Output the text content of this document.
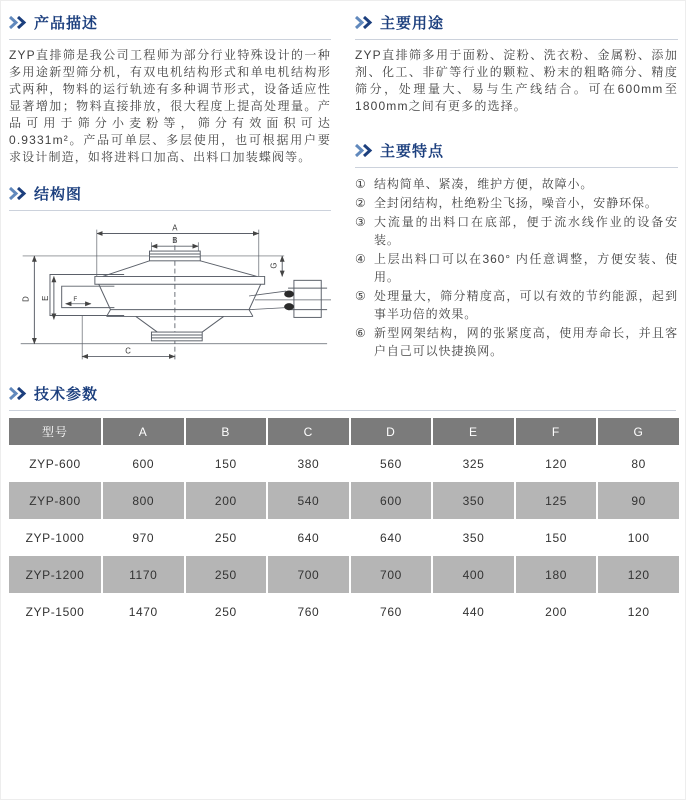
产品描述

ZYP直排筛是我公司工程师为部分行业特殊设计的一种多用途新型筛分机，有双电机结构形式和单电机结构形式两种，物料的运行轨迹有多种调节形式，设备适应性显著增加；物料直接排放，很大程度上提高处理量。产品可用于筛分小麦粉等，筛分有效面积可达0.9331m²。产品可单层、多层使用，也可根据用户要求设计制造，如将进料口加高、出料口加装蝶阀等。

结构图
A
B
F
E
D
G
C
主要用途

ZYP直排筛多用于面粉、淀粉、洗衣粉、金属粉、添加剂、化工、非矿等行业的颗粒、粉末的粗略筛分、精度筛分，处理量大、易与生产线结合。可在600mm至1800mm之间有更多的选择。

主要特点
① 结构简单、紧凑，维护方便，故障小。
② 全封闭结构，杜绝粉尘飞扬，噪音小，安静环保。
③ 大流量的出料口在底部，便于流水线作业的设备安装。
④ 上层出料口可以在360° 内任意调整，方便安装、使用。
⑤ 处理量大，筛分精度高，可以有效的节约能源，起到事半功倍的效果。
⑥ 新型网架结构，网的张紧度高，使用寿命长，并且客户自己可以快捷换网。
技术参数
型号	A	B	C	D	E	F	G
ZYP-600	600	150	380	560	325	120	80
ZYP-800	800	200	540	600	350	125	90
ZYP-1000	970	250	640	640	350	150	100
ZYP-1200	1170	250	700	700	400	180	120
ZYP-1500	1470	250	760	760	440	200	120
